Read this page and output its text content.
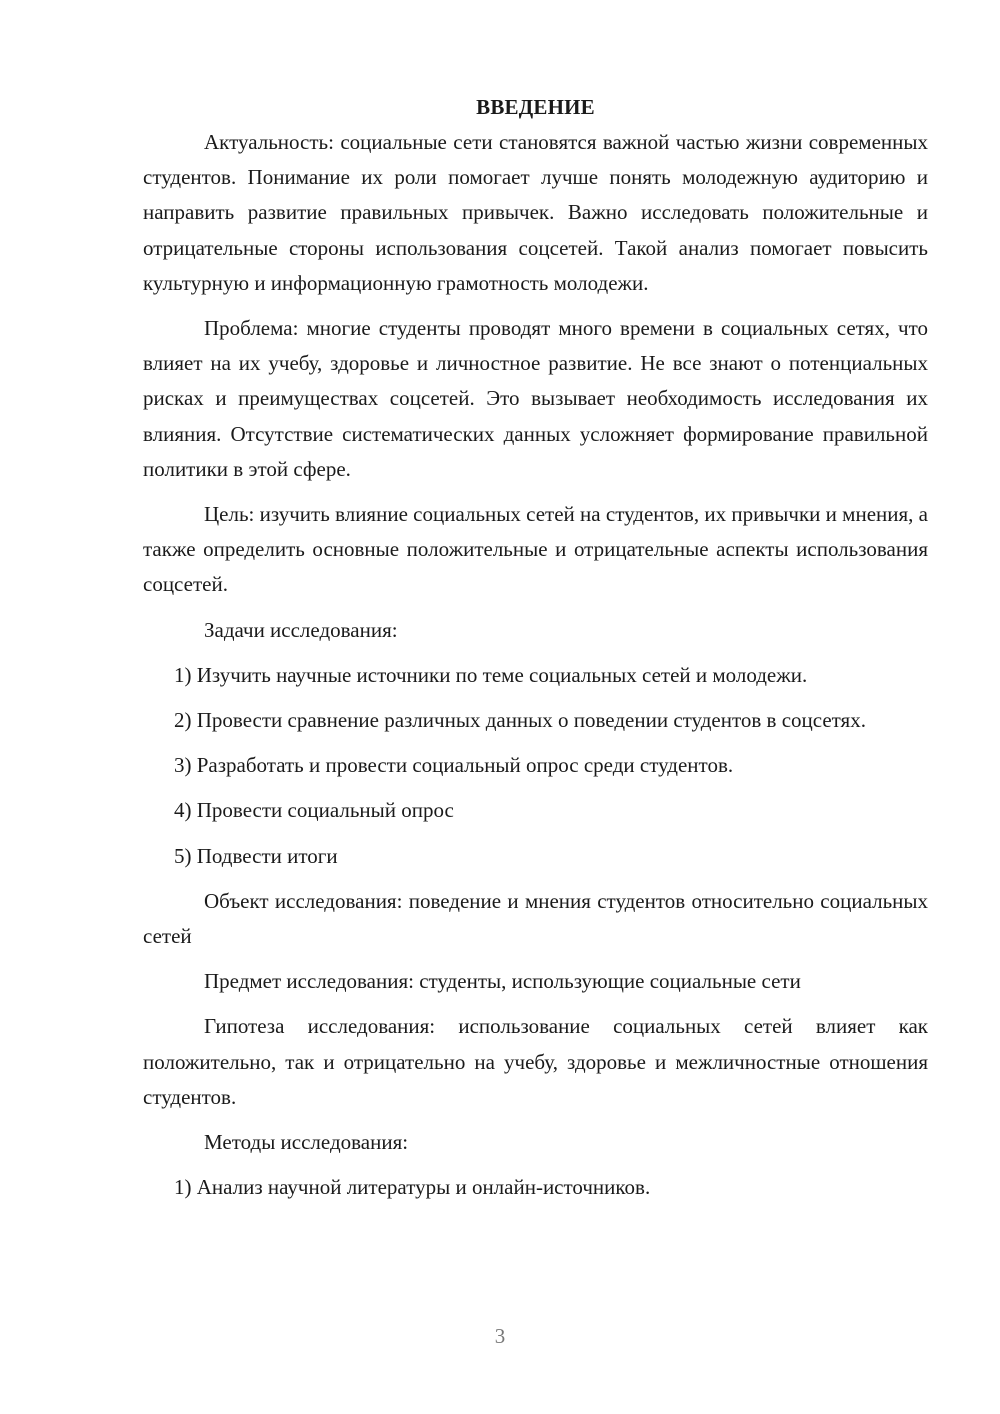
ВВЕДЕНИЕ

Актуальность: социальные сети становятся важной частью жизни современных студентов. Понимание их роли помогает лучше понять молодежную аудиторию и направить развитие правильных привычек. Важно исследовать положительные и отрицательные стороны использования соцсетей. Такой анализ помогает повысить культурную и информационную грамотность молодежи.

Проблема: многие студенты проводят много времени в социальных сетях, что влияет на их учебу, здоровье и личностное развитие. Не все знают о потенциальных рисках и преимуществах соцсетей. Это вызывает необходимость исследования их влияния. Отсутствие систематических данных усложняет формирование правильной политики в этой сфере.

Цель: изучить влияние социальных сетей на студентов, их привычки и мнения, а также определить основные положительные и отрицательные аспекты использования соцсетей.

Задачи исследования:

1) Изучить научные источники по теме социальных сетей и молодежи.

2) Провести сравнение различных данных о поведении студентов в соцсетях.

3) Разработать и провести социальный опрос среди студентов.

4) Провести социальный опрос

5) Подвести итоги

Объект исследования: поведение и мнения студентов относительно социальных сетей

Предмет исследования: студенты, использующие социальные сети

Гипотеза исследования: использование социальных сетей влияет как положительно, так и отрицательно на учебу, здоровье и межличностные отношения студентов.

Методы исследования:

1) Анализ научной литературы и онлайн-источников.

3
